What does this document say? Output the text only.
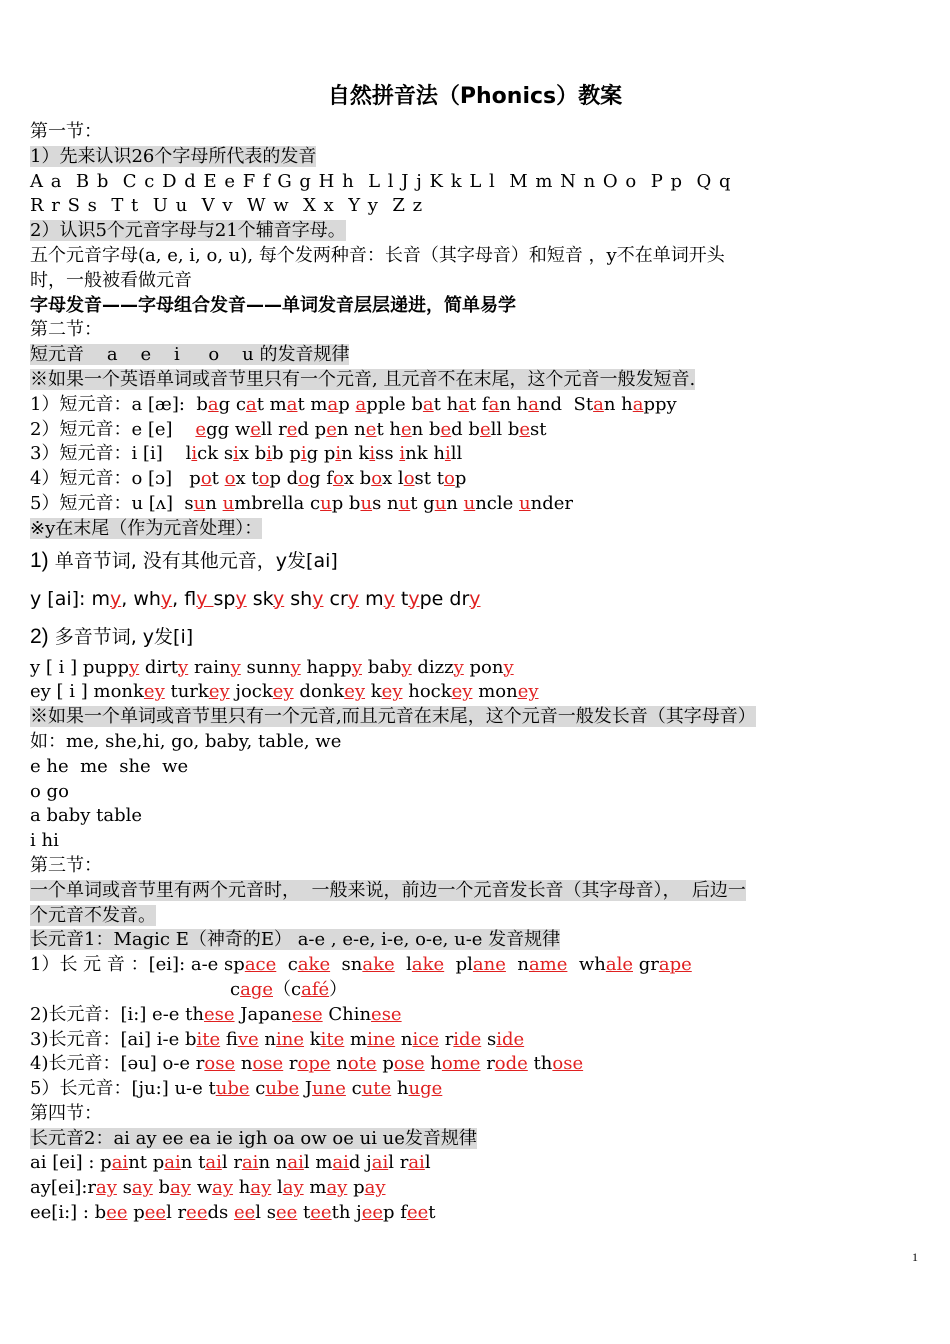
自然拼音法（Phonics）教案
第一节：
1）先来认识26个字母所代表的发音
A a  B b  C c D d E e F f G g H h  L l J j K k L l  M m N n O o  P p  Q q
R r S s  T t  U u  V v  W w  X x  Y y  Z z
2）认识5个元音字母与21个辅音字母。
五个元音字母(a, e, i, o, u), 每个发两种音：长音（其字母音）和短音 ，y不在单词开头
时，一般被看做元音
字母发音——字母组合发音——单词发音层层递进，简单易学
第二节：
短元音    a    e    i     o    u 的发音规律
※如果一个英语单词或音节里只有一个元音, 且元音不在末尾，这个元音一般发短音.
1）短元音：a [æ]:  bag cat mat map apple bat hat fan hand  Stan happy
2）短元音：e [e]    egg well red pen net hen bed bell best
3）短元音：i [i]    lick six bib pig pin kiss ink hill
4）短元音：o [ɔ]   pot ox top dog fox box lost top
5）短元音：u [ʌ]  sun umbrella cup bus nut gun uncle under
※y在末尾（作为元音处理）：
1) 单音节词, 没有其他元音，y发[ai]
y [ai]: my, why, fly spy sky shy cry my type dry
2) 多音节词, y发[i]
y [ i ] puppy dirty rainy sunny happy baby dizzy pony
ey [ i ] monkey turkey jockey donkey key hockey money
※如果一个单词或音节里只有一个元音,而且元音在末尾，这个元音一般发长音（其字母音）
如：me, she,hi, go, baby, table, we
e he  me  she  we
o go
a baby table
i hi
第三节：
一个单词或音节里有两个元音时，  一般来说，前边一个元音发长音（其字母音），  后边一
个元音不发音。
长元音1：Magic E（神奇的E） a-e , e-e, i-e, o-e, u-e 发音规律
1）长 元 音 ：[ei]: a-e space  cake  snake  lake  plane  name  whale grape
cage（café）
2)长元音：[i:] e-e these Japanese Chinese
3)长元音：[ai] i-e bite five nine kite mine nice ride side
4)长元音：[əu] o-e rose nose rope note pose home rode those
5）长元音：[ju:] u-e tube cube June cute huge
第四节：
长元音2：ai ay ee ea ie igh oa ow oe ui ue发音规律
ai [ei] : paint pain tail rain nail maid jail rail
ay[ei]:ray say bay way hay lay may pay
ee[i:] : bee peel reeds eel see teeth jeep feet
1
